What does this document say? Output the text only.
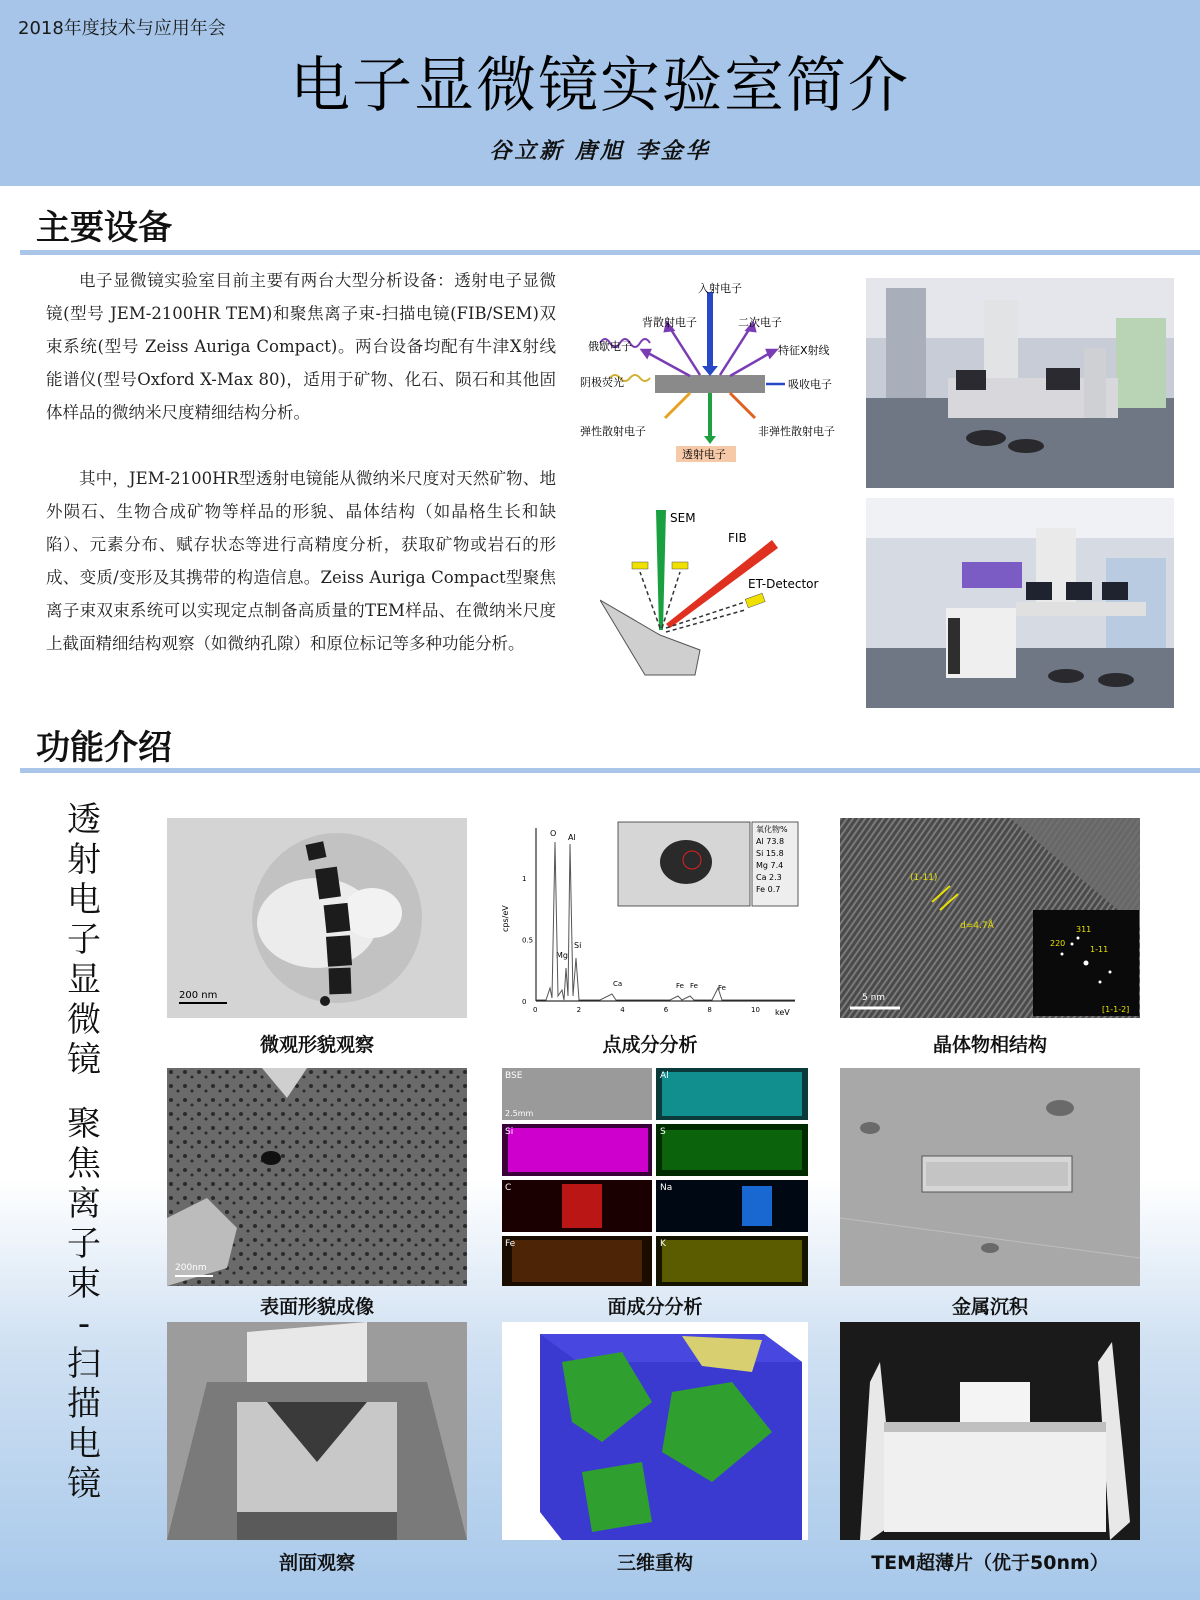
2018年度技术与应用年会
电子显微镜实验室简介
谷立新 唐旭 李金华
主要设备
电子显微镜实验室目前主要有两台大型分析设备：透射电子显微镜(型号 JEM-2100HR TEM)和聚焦离子束-扫描电镜(FIB/SEM)双束系统(型号 Zeiss Auriga Compact)。两台设备均配有牛津X射线能谱仪(型号Oxford X-Max 80)，适用于矿物、化石、陨石和其他固体样品的微纳米尺度精细结构分析。
其中，JEM-2100HR型透射电镜能从微纳米尺度对天然矿物、地外陨石、生物合成矿物等样品的形貌、晶体结构（如晶格生长和缺陷）、元素分布、赋存状态等进行高精度分析，获取矿物或岩石的形成、变质/变形及其携带的构造信息。Zeiss Auriga Compact型聚焦离子束双束系统可以实现定点制备高质量的TEM样品、在微纳米尺度上截面精细结构观察（如微纳孔隙）和原位标记等多种功能分析。
入射电子
背散射电子	二次电子
俄歇电子	特征X射线
阴极荧光	吸收电子
弹性散射电子	非弹性散射电子
透射电子
SEM
FIB
ET-Detector
功能介绍
透
射
电
子
显
微
镜
聚
焦
离
子
束
-
扫
描
电
镜
200 nm
微观形貌观察
cps/eV
keV
氧化物%
Al 73.8
Si 15.8
Mg 7.4
Ca 2.3
Fe 0.7
O Al
Mg
Si
Ca	Fe Fe	Fe
0
0.5
1
0	2	4	6	8	10
点成分分析
(1-11)
d=4.7Å	311
220
1-11
[1-1-2]
5 nm
晶体物相结构
200nm
表面形貌成像
BSE
2.5mm
Al
Si	S
C	Na
Fe	K
面成分分析	金属沉积
剖面观察	三维重构	TEM超薄片（优于50nm）
